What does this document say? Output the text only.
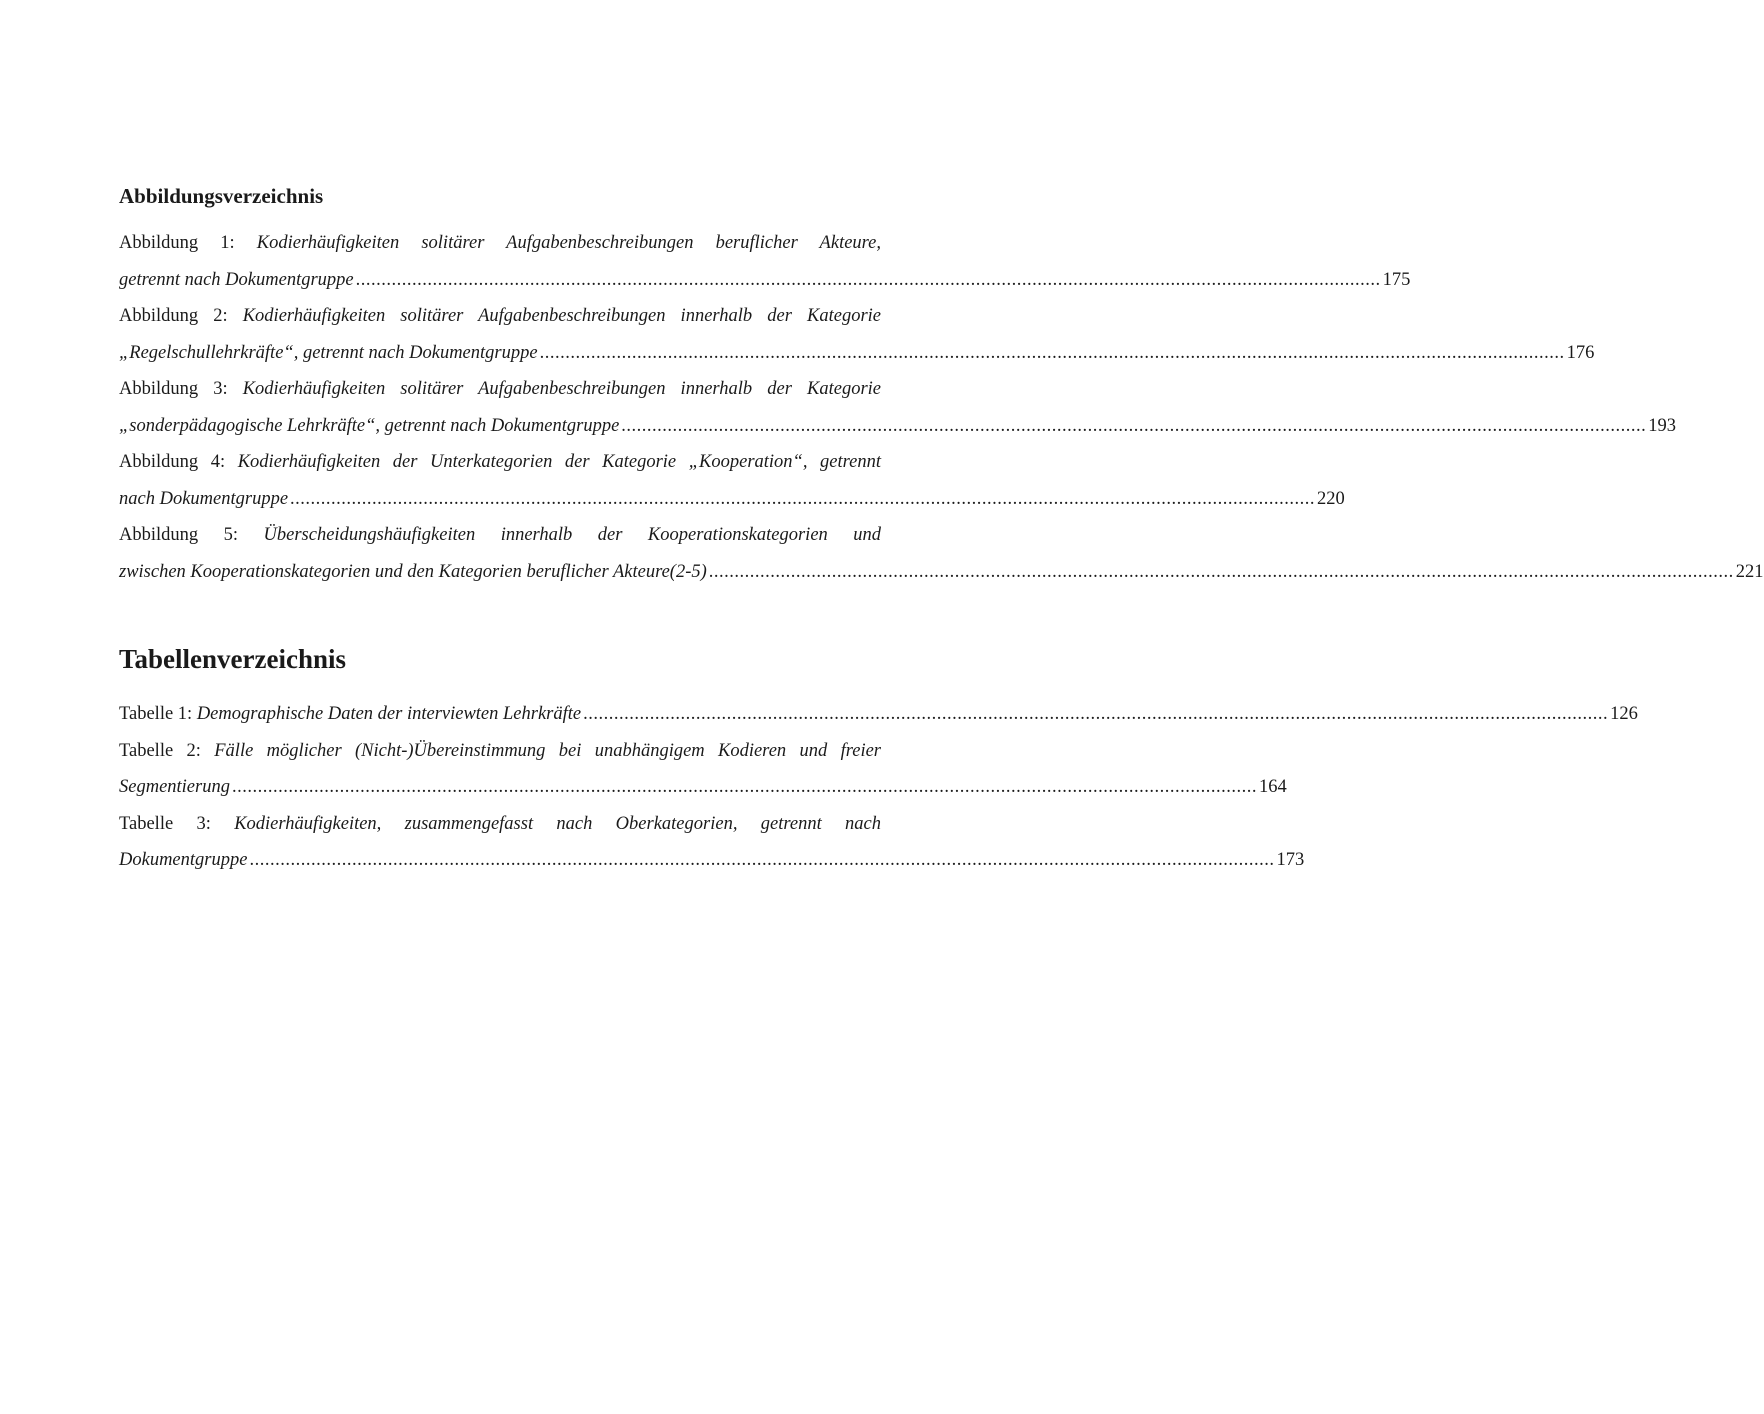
Abbildungsverzeichnis
Abbildung 1: Kodierhäufigkeiten solitärer Aufgabenbeschreibungen beruflicher Akteure,
getrennt nach Dokumentgruppe ........................................................................................................................................................................................................ 175
Abbildung 2: Kodierhäufigkeiten solitärer Aufgabenbeschreibungen innerhalb der Kategorie
„Regelschullehrkräfte“, getrennt nach Dokumentgruppe ........................................................................................................................................................................................................ 176
Abbildung 3: Kodierhäufigkeiten solitärer Aufgabenbeschreibungen innerhalb der Kategorie
„sonderpädagogische Lehrkräfte“, getrennt nach Dokumentgruppe ........................................................................................................................................................................................................ 193
Abbildung 4: Kodierhäufigkeiten der Unterkategorien der Kategorie „Kooperation“, getrennt
nach Dokumentgruppe ........................................................................................................................................................................................................ 220
Abbildung 5: Überscheidungshäufigkeiten innerhalb der Kooperationskategorien und
zwischen Kooperationskategorien und den Kategorien beruflicher Akteure(2-5) ........................................................................................................................................................................................................ 221
Tabellenverzeichnis
Tabelle 1: Demographische Daten der interviewten Lehrkräfte ........................................................................................................................................................................................................ 126
Tabelle 2: Fälle möglicher (Nicht-)Übereinstimmung bei unabhängigem Kodieren und freier
Segmentierung ........................................................................................................................................................................................................ 164
Tabelle 3: Kodierhäufigkeiten, zusammengefasst nach Oberkategorien, getrennt nach
Dokumentgruppe ........................................................................................................................................................................................................ 173
